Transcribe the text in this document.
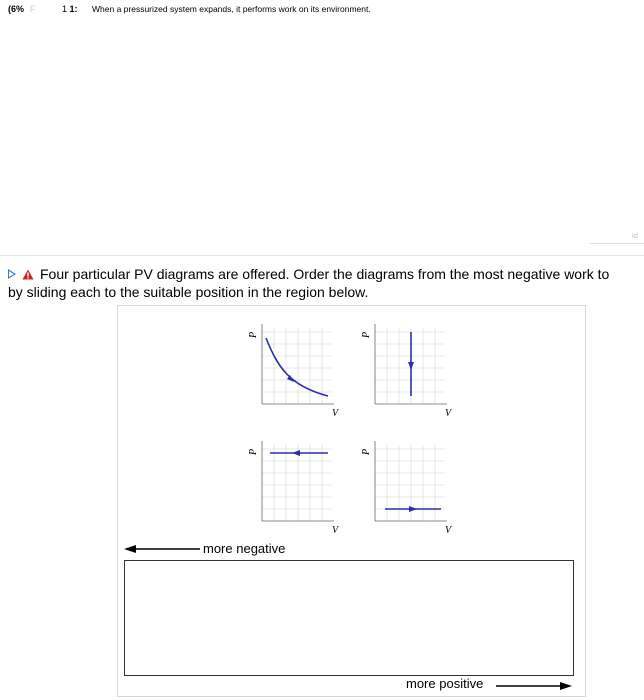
(6% F	1 1: When a pressurized system expands, it performs work on its environment.
Id
Four particular PV diagrams are offered. Order the diagrams from the most negative work to
by sliding each to the suitable position in the region below.
P
V
P
V
P
V
P
V
more negative
more positive
